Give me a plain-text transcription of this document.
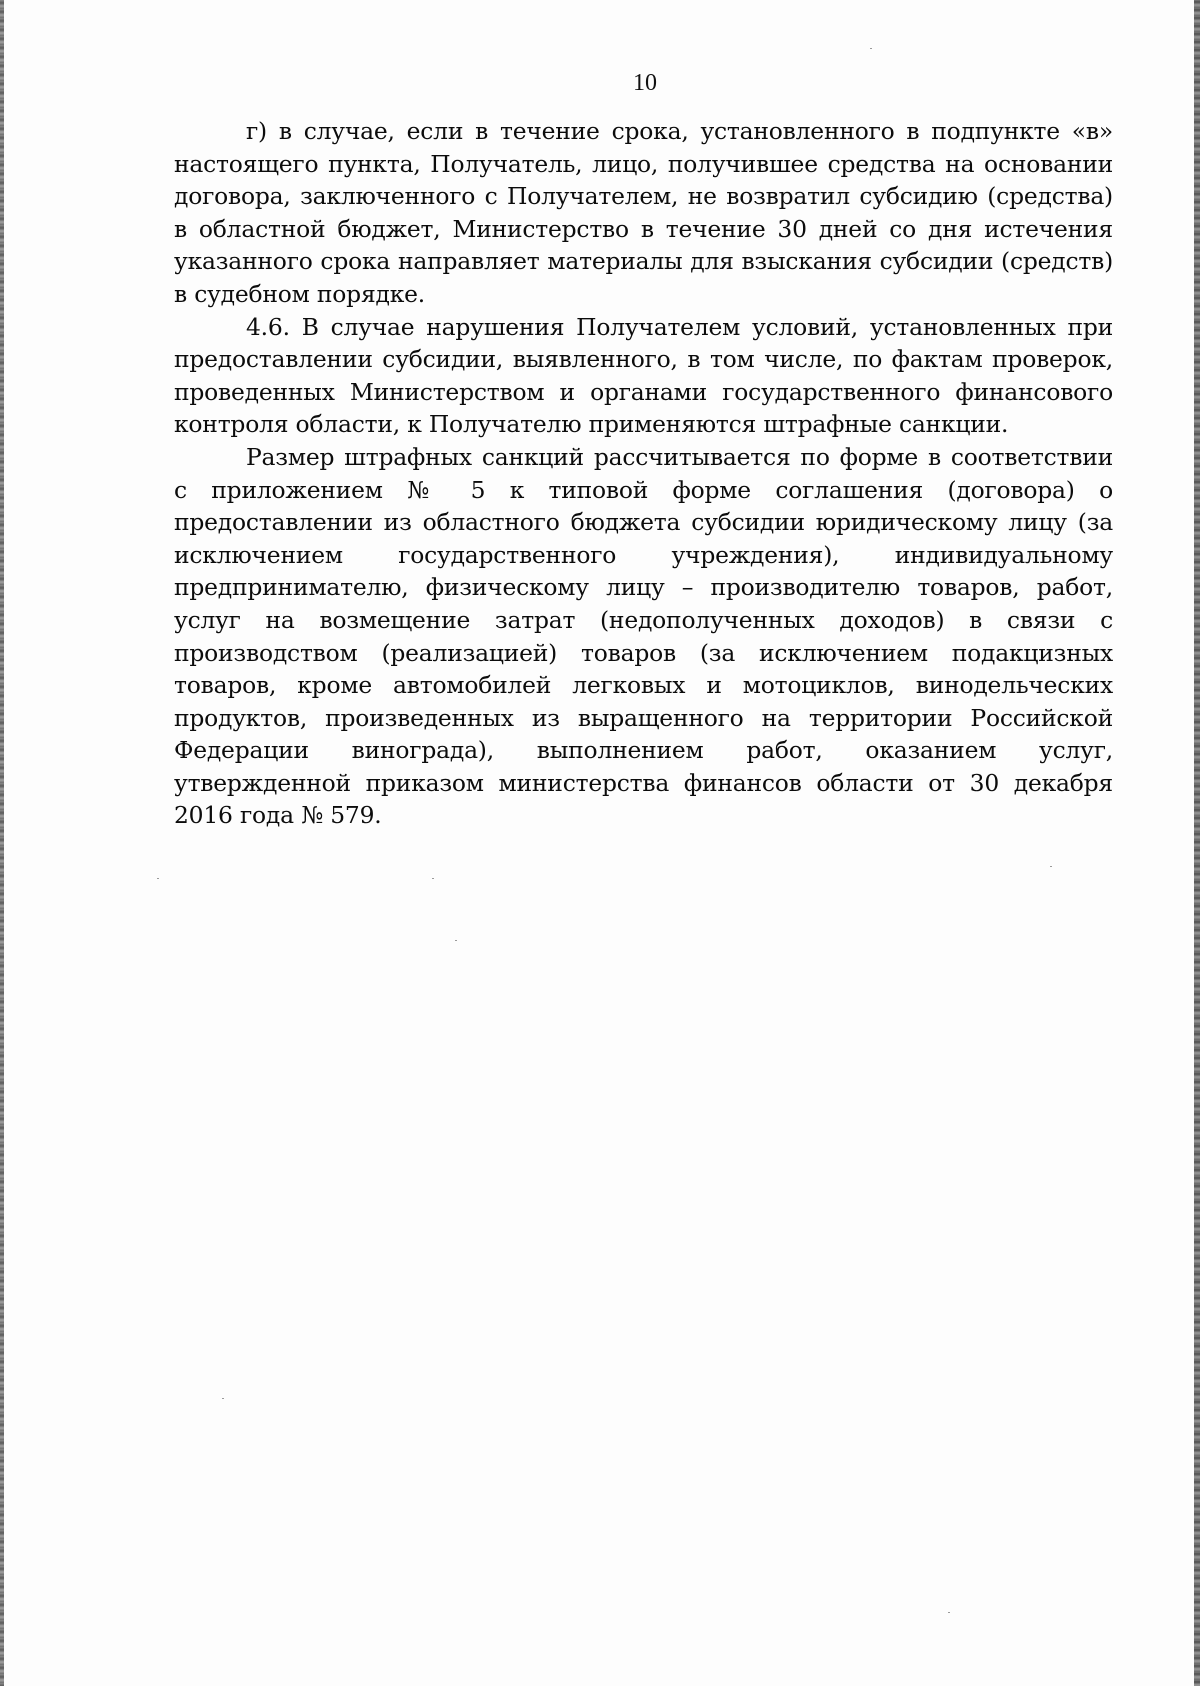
10

г) в случае, если в течение срока, установленного в подпункте «в» настоящего пункта, Получатель, лицо, получившее средства на основании договора, заключенного с Получателем, не возвратил субсидию (средства) в областной бюджет, Министерство в течение 30 дней со дня истечения указанного срока направляет материалы для взыскания субсидии (средств) в судебном порядке.

4.6. В случае нарушения Получателем условий, установленных при предоставлении субсидии, выявленного, в том числе, по фактам проверок, проведенных Министерством и органами государственного финансового контроля области, к Получателю применяются штрафные санкции.

Размер штрафных санкций рассчитывается по форме в соответствии с приложением № 5 к типовой форме соглашения (договора) о предоставлении из областного бюджета субсидии юридическому лицу (за исключением государственного учреждения), индивидуальному предпринимателю, физическому лицу – производителю товаров, работ, услуг на возмещение затрат (недополученных доходов) в связи с производством (реализацией) товаров (за исключением подакцизных товаров, кроме автомобилей легковых и мотоциклов, винодельческих продуктов, произведенных из выращенного на территории Российской Федерации винограда), выполнением работ, оказанием услуг, утвержденной приказом министерства финансов области от 30 декабря 2016 года № 579.
